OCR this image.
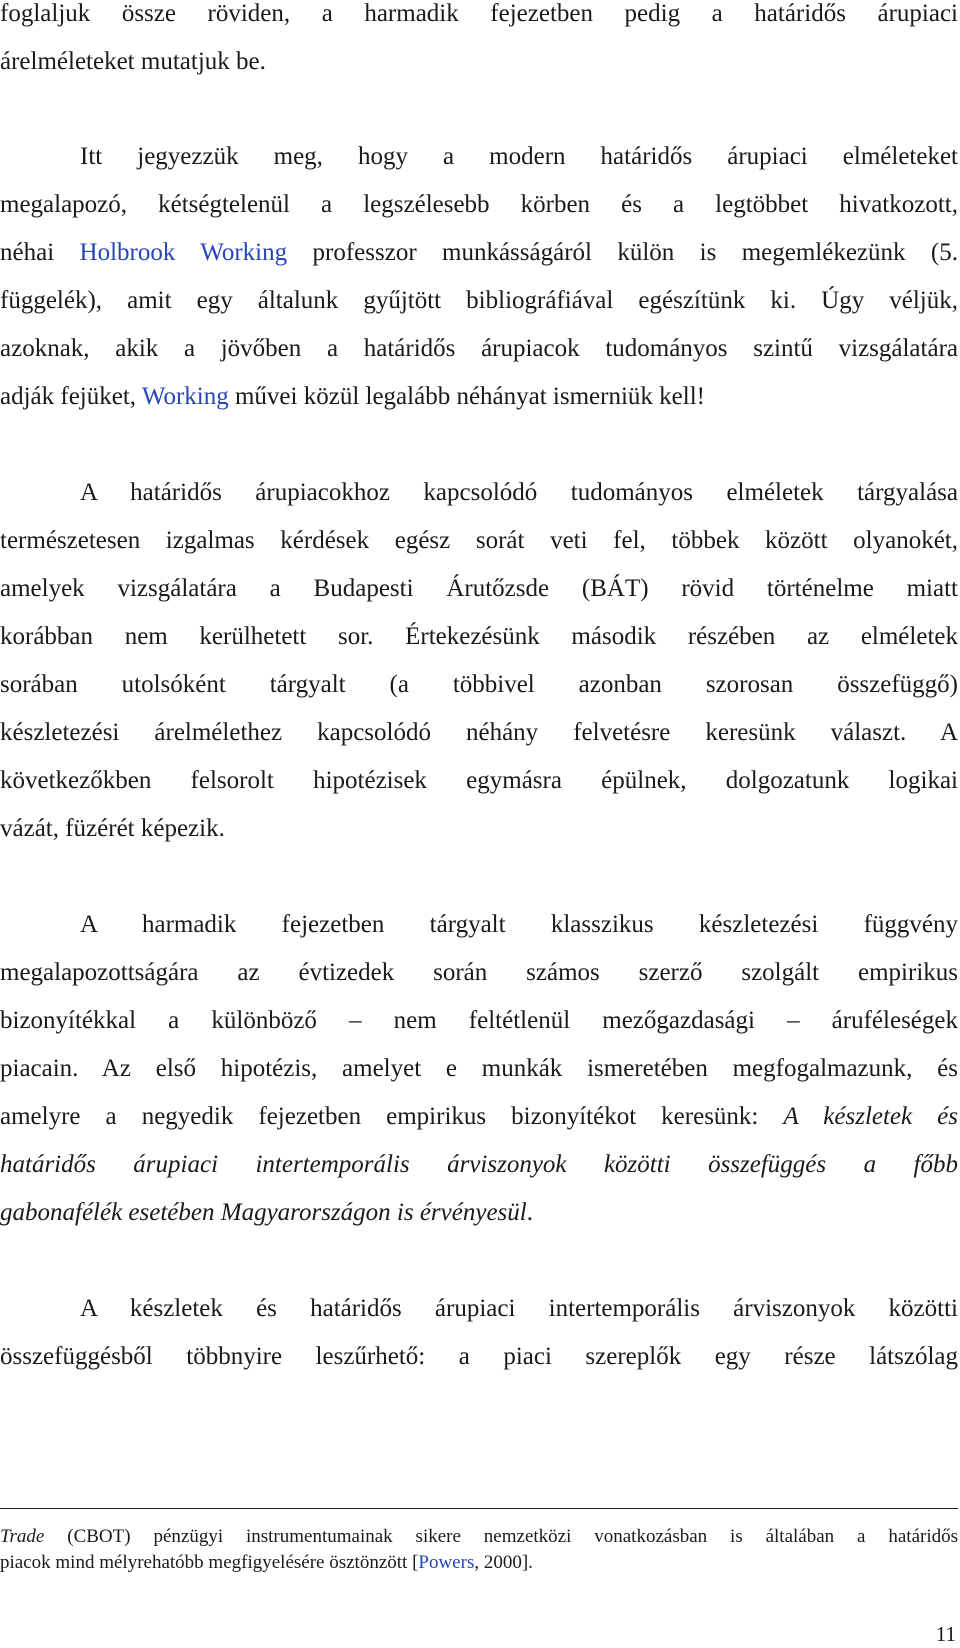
foglaljuk össze röviden, a harmadik fejezetben pedig a határidős árupiaci
árelméleteket mutatjuk be.
Itt jegyezzük meg, hogy a modern határidős árupiaci elméleteket
megalapozó, kétségtelenül a legszélesebb körben és a legtöbbet hivatkozott,
néhai Holbrook Working professzor munkásságáról külön is megemlékezünk (5.
függelék), amit egy általunk gyűjtött bibliográfiával egészítünk ki. Úgy véljük,
azoknak, akik a jövőben a határidős árupiacok tudományos szintű vizsgálatára
adják fejüket, Working művei közül legalább néhányat ismerniük kell!
A határidős árupiacokhoz kapcsolódó tudományos elméletek tárgyalása
természetesen izgalmas kérdések egész sorát veti fel, többek között olyanokét,
amelyek vizsgálatára a Budapesti Árutőzsde (BÁT) rövid történelme miatt
korábban nem kerülhetett sor. Értekezésünk második részében az elméletek
sorában utolsóként tárgyalt (a többivel azonban szorosan összefüggő)
készletezési árelmélethez kapcsolódó néhány felvetésre keresünk választ. A
következőkben felsorolt hipotézisek egymásra épülnek, dolgozatunk logikai
vázát, füzérét képezik.
A harmadik fejezetben tárgyalt klasszikus készletezési függvény
megalapozottságára az évtizedek során számos szerző szolgált empirikus
bizonyítékkal a különböző – nem feltétlenül mezőgazdasági – áruféleségek
piacain. Az első hipotézis, amelyet e munkák ismeretében megfogalmazunk, és
amelyre a negyedik fejezetben empirikus bizonyítékot keresünk: A készletek és
határidős árupiaci intertemporális árviszonyok közötti összefüggés a főbb
gabonafélék esetében Magyarországon is érvényesül.
A készletek és határidős árupiaci intertemporális árviszonyok közötti
összefüggésből többnyire leszűrhető: a piaci szereplők egy része látszólag
Trade (CBOT) pénzügyi instrumentumainak sikere nemzetközi vonatkozásban is általában a határidős
piacok mind mélyrehatóbb megfigyelésére ösztönzött [Powers, 2000].
11
